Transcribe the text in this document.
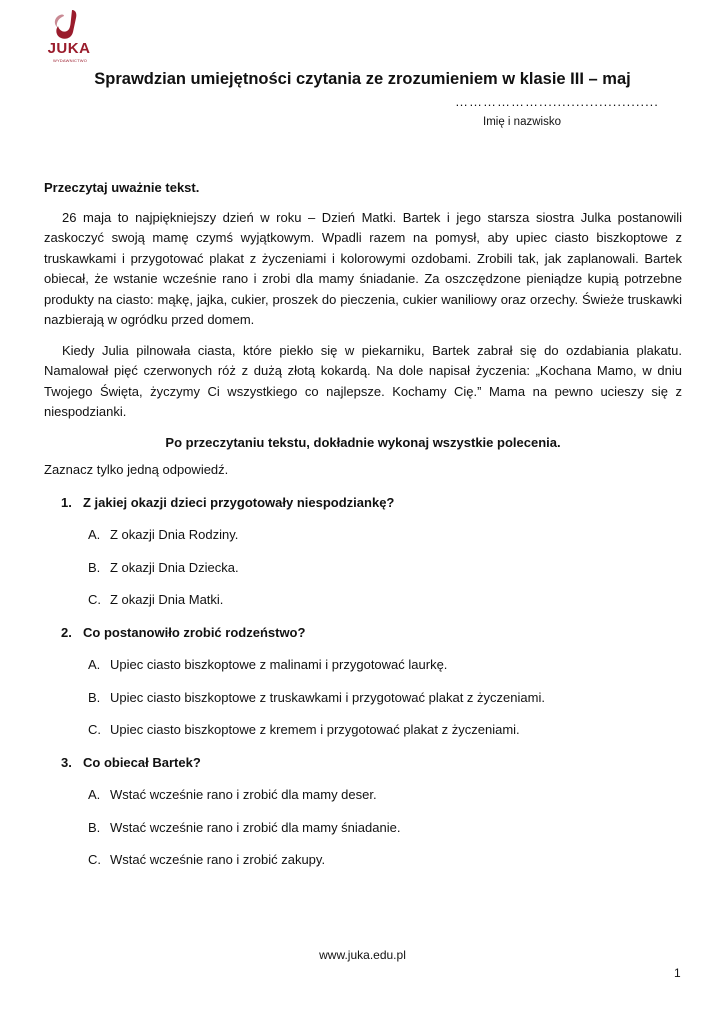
JUKA
WYDAWNICTWO
Sprawdzian umiejętności czytania ze zrozumieniem w klasie III – maj
………………..........................
Imię i nazwisko

Przeczytaj uważnie tekst.

26 maja to najpiękniejszy dzień w roku – Dzień Matki. Bartek i jego starsza siostra Julka postanowili zaskoczyć swoją mamę czymś wyjątkowym. Wpadli razem na pomysł, aby upiec ciasto biszkoptowe z truskawkami i przygotować plakat z życzeniami i kolorowymi ozdobami. Zrobili tak, jak zaplanowali. Bartek obiecał, że wstanie wcześnie rano i zrobi dla mamy śniadanie. Za oszczędzone pieniądze kupią potrzebne produkty na ciasto: mąkę, jajka, cukier, proszek do pieczenia, cukier waniliowy oraz orzechy. Świeże truskawki nazbierają w ogródku przed domem.

Kiedy Julia pilnowała ciasta, które piekło się w piekarniku, Bartek zabrał się do ozdabiania plakatu. Namalował pięć czerwonych róż z dużą złotą kokardą. Na dole napisał życzenia: „Kochana Mamo, w dniu Twojego Święta, życzymy Ci wszystkiego co najlepsze. Kochamy Cię.” Mama na pewno ucieszy się z niespodzianki.

Po przeczytaniu tekstu, dokładnie wykonaj wszystkie polecenia.

Zaznacz tylko jedną odpowiedź.

1. Z jakiej okazji dzieci przygotowały niespodziankę?
A. Z okazji Dnia Rodziny.
B. Z okazji Dnia Dziecka.
C. Z okazji Dnia Matki.
2. Co postanowiło zrobić rodzeństwo?
A. Upiec ciasto biszkoptowe z malinami i przygotować laurkę.
B. Upiec ciasto biszkoptowe z truskawkami i przygotować plakat z życzeniami.
C. Upiec ciasto biszkoptowe z kremem i przygotować plakat z życzeniami.
3. Co obiecał Bartek?
A. Wstać wcześnie rano i zrobić dla mamy deser.
B. Wstać wcześnie rano i zrobić dla mamy śniadanie.
C. Wstać wcześnie rano i zrobić zakupy.
www.juka.edu.pl
1
